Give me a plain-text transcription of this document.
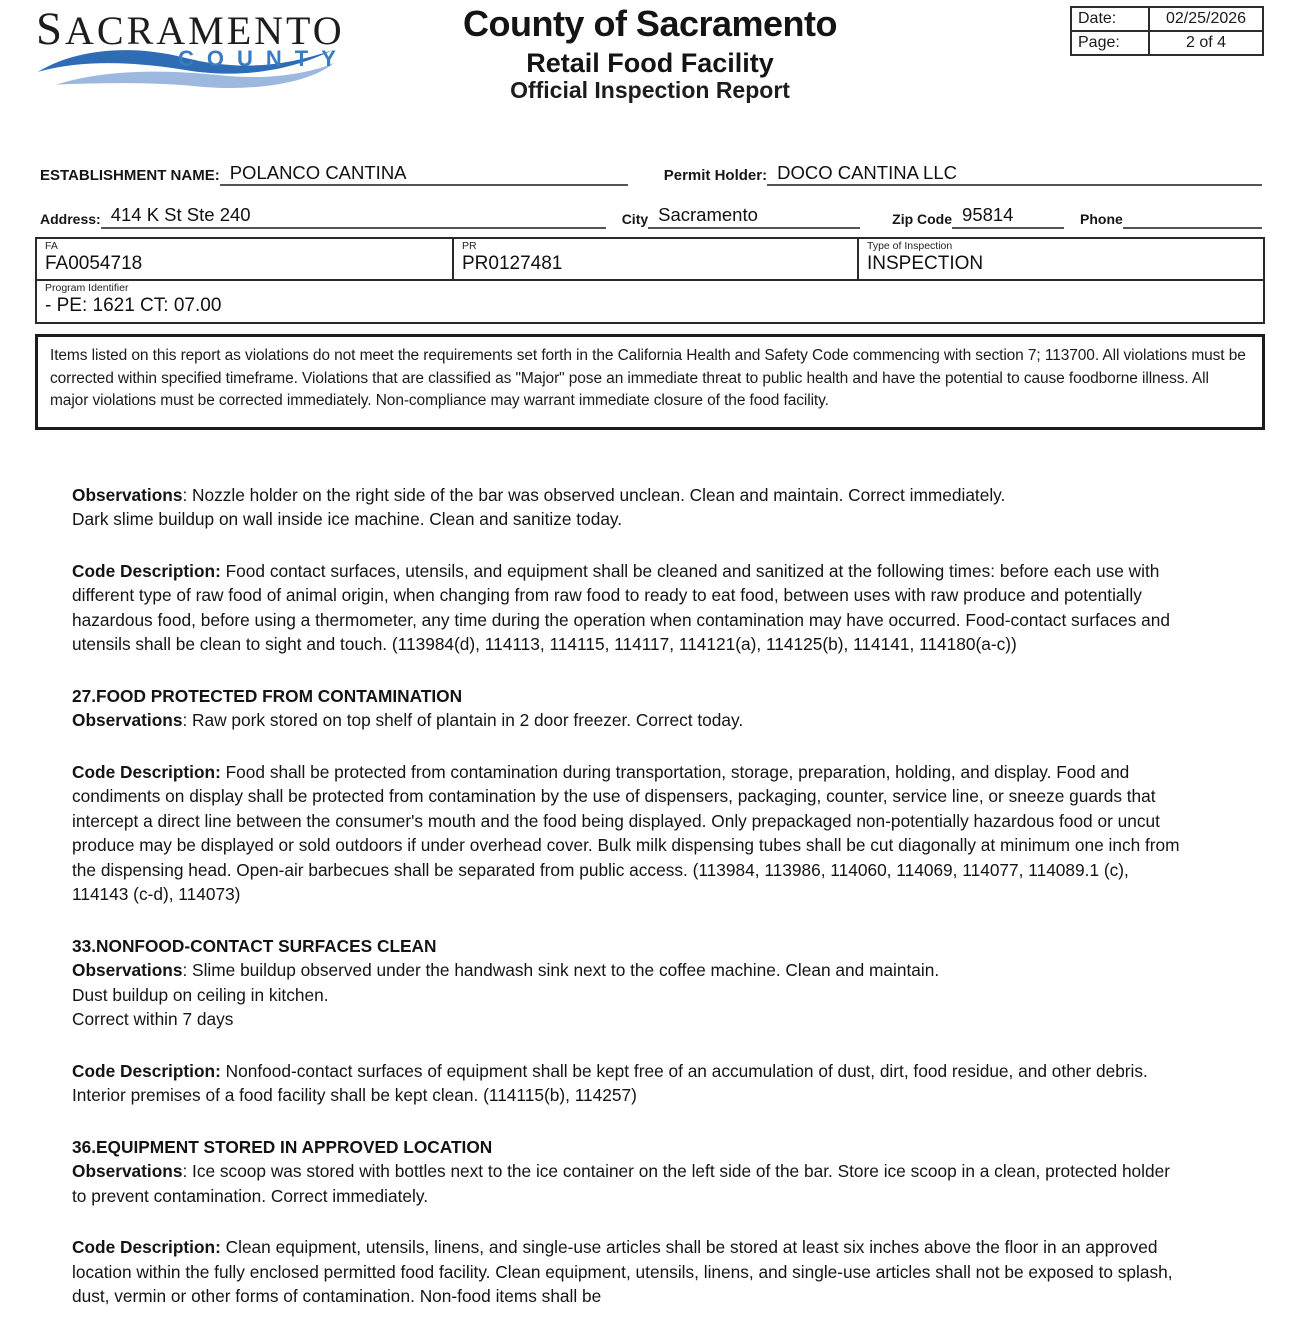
SACRAMENTO
COUNTY
County of Sacramento
Retail Food Facility
Official Inspection Report
Date:	02/25/2026
Page:	2 of 4
ESTABLISHMENT NAME: POLANCO CANTINA	Permit Holder: DOCO CANTINA LLC
Address: 414 K St Ste 240	City Sacramento	Zip Code 95814	Phone
FA
FA0054718
PR
PR0127481
Type of Inspection
INSPECTION
Program Identifier
- PE: 1621 CT: 07.00
Items listed on this report as violations do not meet the requirements set forth in the California Health and Safety Code commencing with section 7; 113700. All violations must be corrected within specified timeframe. Violations that are classified as "Major" pose an immediate threat to public health and have the potential to cause foodborne illness. All major violations must be corrected immediately. Non-compliance may warrant immediate closure of the food facility.
Observations: Nozzle holder on the right side of the bar was observed unclean. Clean and maintain. Correct immediately.
Dark slime buildup on wall inside ice machine. Clean and sanitize today.
Code Description: Food contact surfaces, utensils, and equipment shall be cleaned and sanitized at the following times: before each use with different type of raw food of animal origin, when changing from raw food to ready to eat food, between uses with raw produce and potentially hazardous food, before using a thermometer, any time during the operation when contamination may have occurred. Food-contact surfaces and utensils shall be clean to sight and touch. (113984(d), 114113, 114115, 114117, 114121(a), 114125(b), 114141, 114180(a-c))
27.FOOD PROTECTED FROM CONTAMINATION
Observations: Raw pork stored on top shelf of plantain in 2 door freezer. Correct today.
Code Description: Food shall be protected from contamination during transportation, storage, preparation, holding, and display. Food and condiments on display shall be protected from contamination by the use of dispensers, packaging, counter, service line, or sneeze guards that intercept a direct line between the consumer's mouth and the food being displayed. Only prepackaged non-potentially hazardous food or uncut produce may be displayed or sold outdoors if under overhead cover. Bulk milk dispensing tubes shall be cut diagonally at minimum one inch from the dispensing head. Open-air barbecues shall be separated from public access. (113984, 113986, 114060, 114069, 114077, 114089.1 (c), 114143 (c-d), 114073)
33.NONFOOD-CONTACT SURFACES CLEAN
Observations: Slime buildup observed under the handwash sink next to the coffee machine. Clean and maintain.
Dust buildup on ceiling in kitchen.
Correct within 7 days
Code Description: Nonfood-contact surfaces of equipment shall be kept free of an accumulation of dust, dirt, food residue, and other debris. Interior premises of a food facility shall be kept clean. (114115(b), 114257)
36.EQUIPMENT STORED IN APPROVED LOCATION
Observations: Ice scoop was stored with bottles next to the ice container on the left side of the bar. Store ice scoop in a clean, protected holder to prevent contamination. Correct immediately.
Code Description: Clean equipment, utensils, linens, and single-use articles shall be stored at least six inches above the floor in an approved location within the fully enclosed permitted food facility. Clean equipment, utensils, linens, and single-use articles shall not be exposed to splash, dust, vermin or other forms of contamination. Non-food items shall be
